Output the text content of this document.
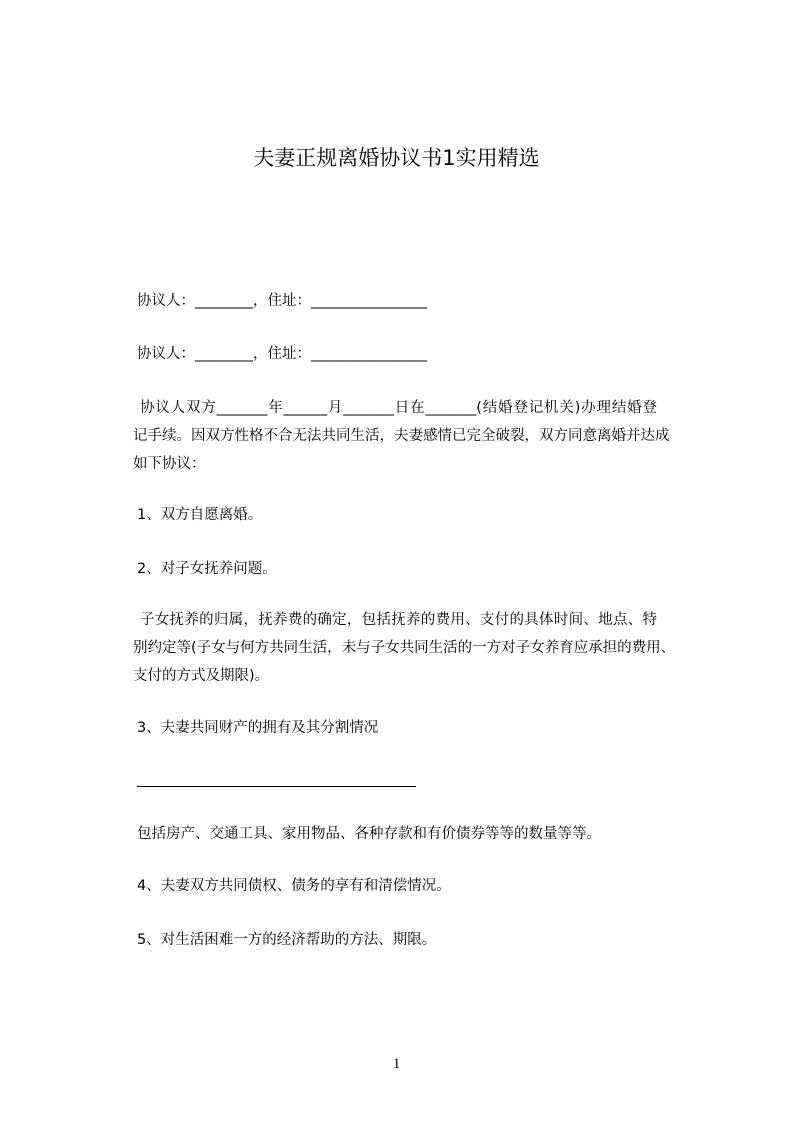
夫妻正规离婚协议书1实用精选
协议人：________，住址：________________
协议人：________，住址：________________
协议人双方_______年______月_______日在_______(结婚登记机关)办理结婚登
记手续。因双方性格不合无法共同生活，夫妻感情已完全破裂，双方同意离婚并达成
如下协议：
1、双方自愿离婚。
2、对子女抚养问题。
子女抚养的归属，抚养费的确定，包括抚养的费用、支付的具体时间、地点、特
别约定等(子女与何方共同生活，未与子女共同生活的一方对子女养育应承担的费用、
支付的方式及期限)。
3、夫妻共同财产的拥有及其分割情况
包括房产、交通工具、家用物品、各种存款和有价债券等等的数量等等。
4、夫妻双方共同债权、债务的享有和清偿情况。
5、对生活困难一方的经济帮助的方法、期限。
1
